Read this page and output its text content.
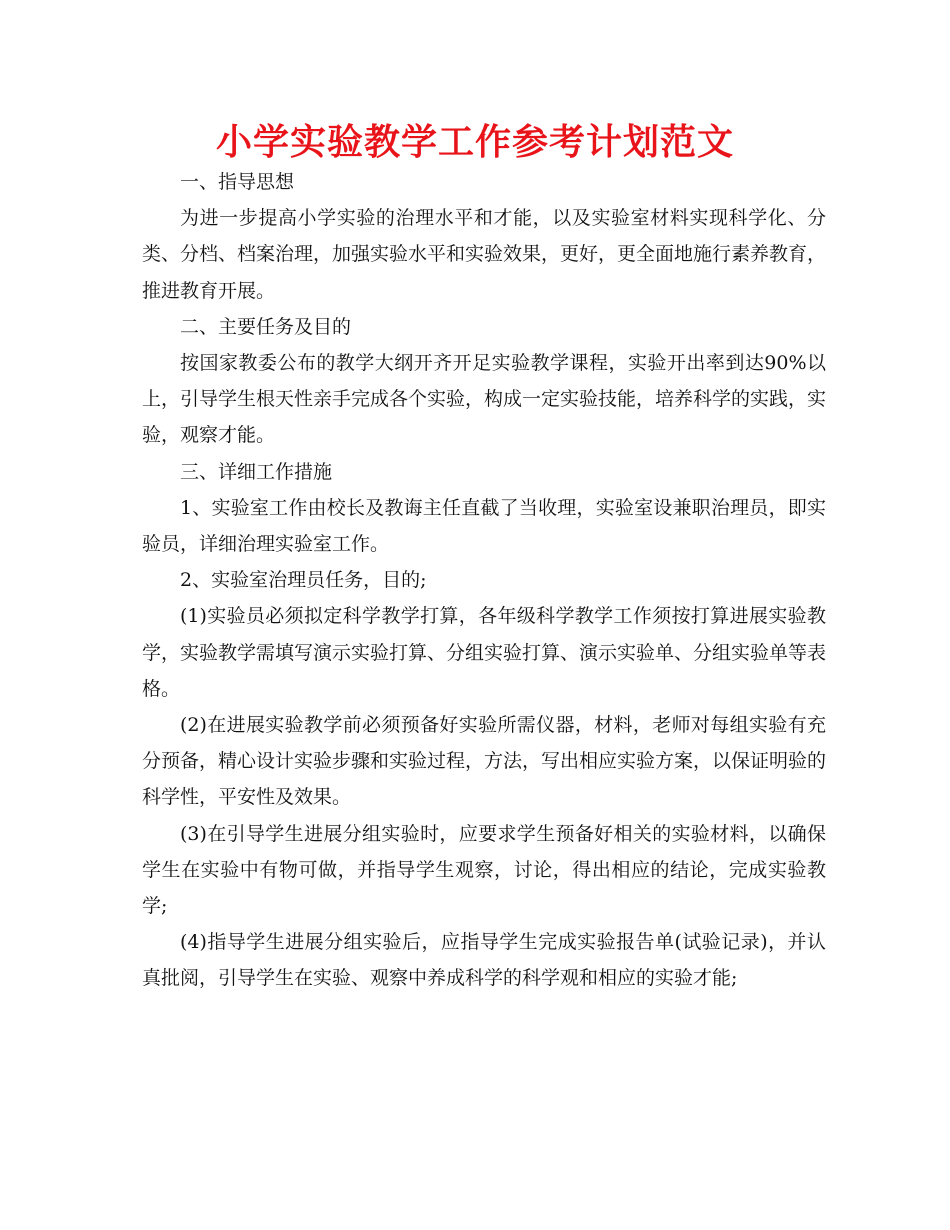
小学实验教学工作参考计划范文

一、指导思想

为进一步提高小学实验的治理水平和才能，以及实验室材料实现科学化、分类、分档、档案治理，加强实验水平和实验效果，更好，更全面地施行素养教育，推进教育开展。

二、主要任务及目的

按国家教委公布的教学大纲开齐开足实验教学课程，实验开出率到达90%以上，引导学生根天性亲手完成各个实验，构成一定实验技能，培养科学的实践，实验，观察才能。

三、详细工作措施

1、实验室工作由校长及教诲主任直截了当收理，实验室设兼职治理员，即实验员，详细治理实验室工作。

2、实验室治理员任务，目的;

(1)实验员必须拟定科学教学打算，各年级科学教学工作须按打算进展实验教学，实验教学需填写演示实验打算、分组实验打算、演示实验单、分组实验单等表格。

(2)在进展实验教学前必须预备好实验所需仪器，材料，老师对每组实验有充分预备，精心设计实验步骤和实验过程，方法，写出相应实验方案，以保证明验的科学性，平安性及效果。

(3)在引导学生进展分组实验时，应要求学生预备好相关的实验材料，以确保学生在实验中有物可做，并指导学生观察，讨论，得出相应的结论，完成实验教学;

(4)指导学生进展分组实验后，应指导学生完成实验报告单(试验记录)，并认真批阅，引导学生在实验、观察中养成科学的科学观和相应的实验才能;
